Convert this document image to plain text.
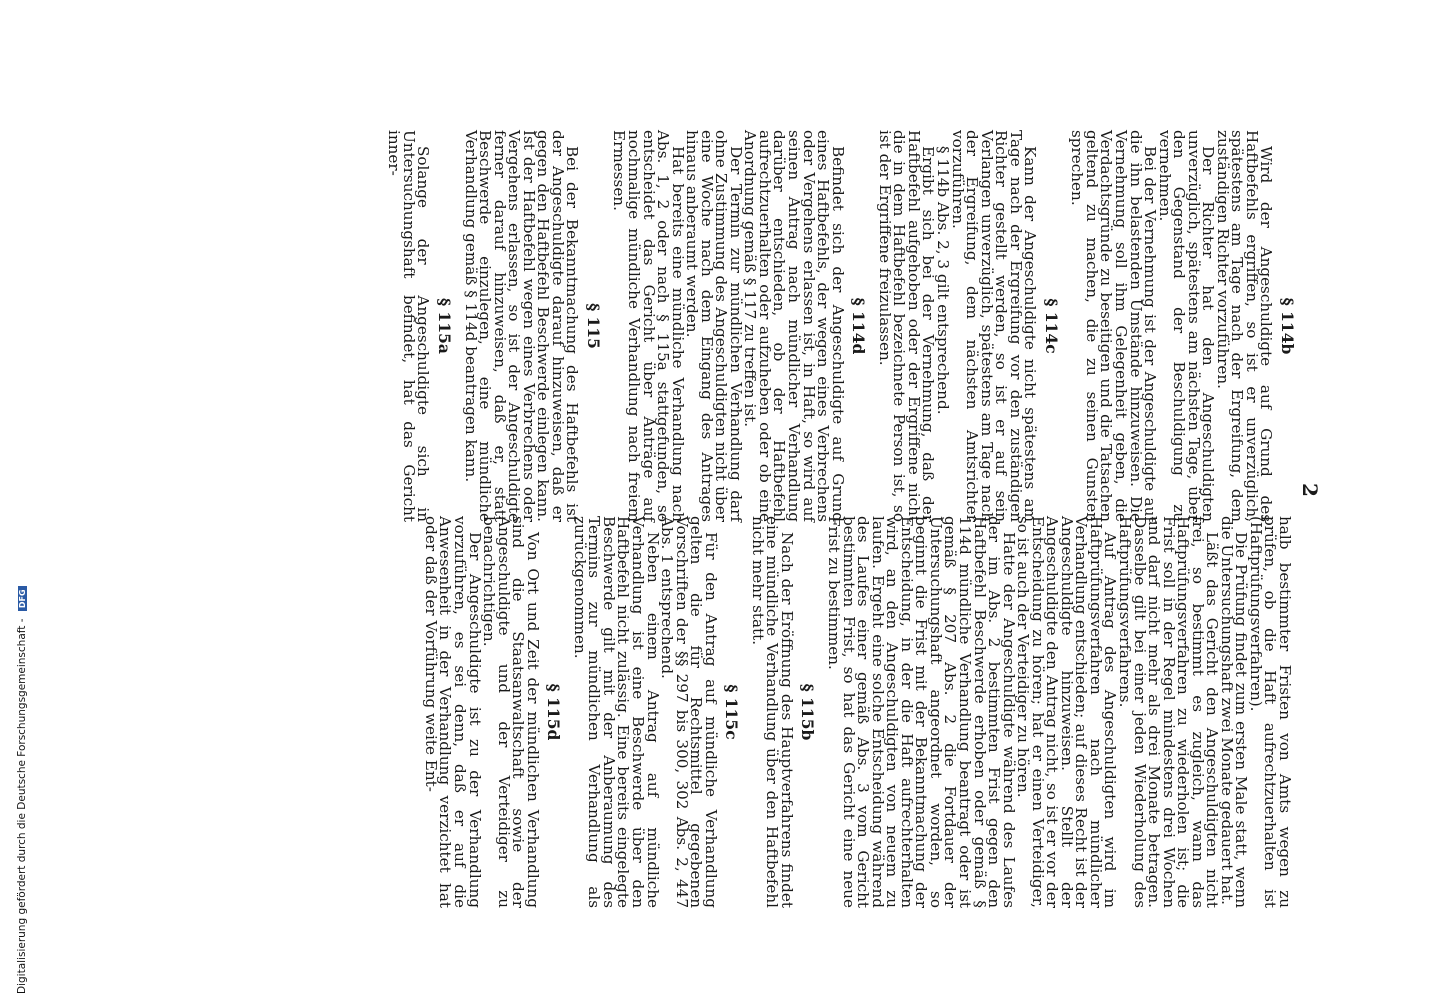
Digitalisierung gefördert durch die Deutsche Forschungsgemeinschaft - DFG
2
§ 114b

Wird der Angeschuldigte auf Grund des Haftbefehls ergriffen, so ist er unverzüglich, spätestens am Tage nach der Ergreifung, dem zuständigen Richter vorzuführen.

Der Richter hat den Angeschuldigten unverzüglich, spätestens am nächsten Tage, über den Gegenstand der Beschuldigung zu vernehmen.

Bei der Vernehmung ist der Angeschuldigte auf die ihn belastenden Umstände hinzuweisen. Die Vernehmung soll ihm Gelegenheit geben, die Verdachtsgründe zu beseitigen und die Tatsachen geltend zu machen, die zu seinen Gunsten sprechen.

§ 114c

Kann der Angeschuldigte nicht spätestens am Tage nach der Ergreifung vor den zuständigen Richter gestellt werden, so ist er auf sein Verlangen unverzüglich, spätestens am Tage nach der Ergreifung, dem nächsten Amtsrichter vorzuführen.

§ 114b Abs. 2, 3 gilt entsprechend.

Ergibt sich bei der Vernehmung, daß der Haftbefehl aufgehoben oder der Ergriffene nicht die in dem Haftbefehl bezeichnete Person ist, so ist der Ergriffene freizulassen.

§ 114d

Befindet sich der Angeschuldigte auf Grund eines Haftbefehls, der wegen eines Verbrechens oder Vergehens erlassen ist, in Haft, so wird auf seinen Antrag nach mündlicher Verhandlung darüber entschieden, ob der Haftbefehl aufrechtzuerhalten oder aufzuheben oder ob eine Anordnung gemäß § 117 zu treffen ist.

Der Termin zur mündlichen Verhandlung darf ohne Zustimmung des Angeschuldigten nicht über eine Woche nach dem Eingang des Antrages hinaus anberaumt werden.

Hat bereits eine mündliche Verhandlung nach Abs. 1, 2 oder nach § 115a stattgefunden, so entscheidet das Gericht über Anträge auf nochmalige mündliche Verhandlung nach freiem Ermessen.

§ 115

Bei der Bekanntmachung des Haftbefehls ist der Angeschuldigte darauf hinzuweisen, daß er gegen den Haftbefehl Beschwerde einlegen kann. Ist der Haftbefehl wegen eines Verbrechens oder Vergehens erlassen, so ist der Angeschuldigte ferner darauf hinzuweisen, daß er, statt Beschwerde einzulegen, eine mündliche Verhandlung gemäß § 114d beantragen kann.

§ 115a

Solange der Angeschuldigte sich in Untersuchungshaft befindet, hat das Gericht inner-

halb bestimmter Fristen von Amts wegen zu prüfen, ob die Haft aufrechtzuerhalten ist (Haftprüfungsverfahren).

Die Prüfung findet zum ersten Male statt, wenn die Untersuchungshaft zwei Monate gedauert hat.

Läßt das Gericht den Angeschuldigten nicht frei, so bestimmt es zugleich, wann das Haftprüfungsverfahren zu wiederholen ist; die Frist soll in der Regel mindestens drei Wochen und darf nicht mehr als drei Monate betragen. Dasselbe gilt bei einer jeden Wiederholung des Haftprüfungsverfahrens.

Auf Antrag des Angeschuldigten wird im Haftprüfungsverfahren nach mündlicher Verhandlung entschieden; auf dieses Recht ist der Angeschuldigte hinzuweisen. Stellt der Angeschuldigte den Antrag nicht, so ist er vor der Entscheidung zu hören; hat er einen Verteidiger, so ist auch der Verteidiger zu hören.

Hatte der Angeschuldigte während des Laufes der im Abs. 2 bestimmten Frist gegen den Haftbefehl Beschwerde erhoben oder gemäß § 114d mündliche Verhandlung beantragt oder ist gemäß § 207 Abs. 2 die Fortdauer der Untersuchungshaft angeordnet worden, so beginnt die Frist mit der Bekanntmachung der Entscheidung, in der die Haft aufrechterhalten wird, an den Angeschuldigten von neuem zu laufen. Ergeht eine solche Entscheidung während des Laufes einer gemäß Abs. 3 vom Gericht bestimmten Frist, so hat das Gericht eine neue Frist zu bestimmen.

§ 115b

Nach der Eröffnung des Hauptverfahrens findet eine mündliche Verhandlung über den Haftbefehl nicht mehr statt.

§ 115c

Für den Antrag auf mündliche Verhandlung gelten die für Rechtsmittel gegebenen Vorschriften der §§ 297 bis 300, 302 Abs. 2, 447 Abs. 1 entsprechend.

Neben einem Antrag auf mündliche Verhandlung ist eine Beschwerde über den Haftbefehl nicht zulässig. Eine bereits eingelegte Beschwerde gilt mit der Anberaumung des Termins zur mündlichen Verhandlung als zurückgenommen.

§ 115d

Von Ort und Zeit der mündlichen Verhandlung sind die Staatsanwaltschaft sowie der Angeschuldigte und der Verteidiger zu benachrichtigen.

Der Angeschuldigte ist zu der Verhandlung vorzuführen, es sei denn, daß er auf die Anwesenheit in der Verhandlung verzichtet hat oder daß der Vorführung weite Ent-
